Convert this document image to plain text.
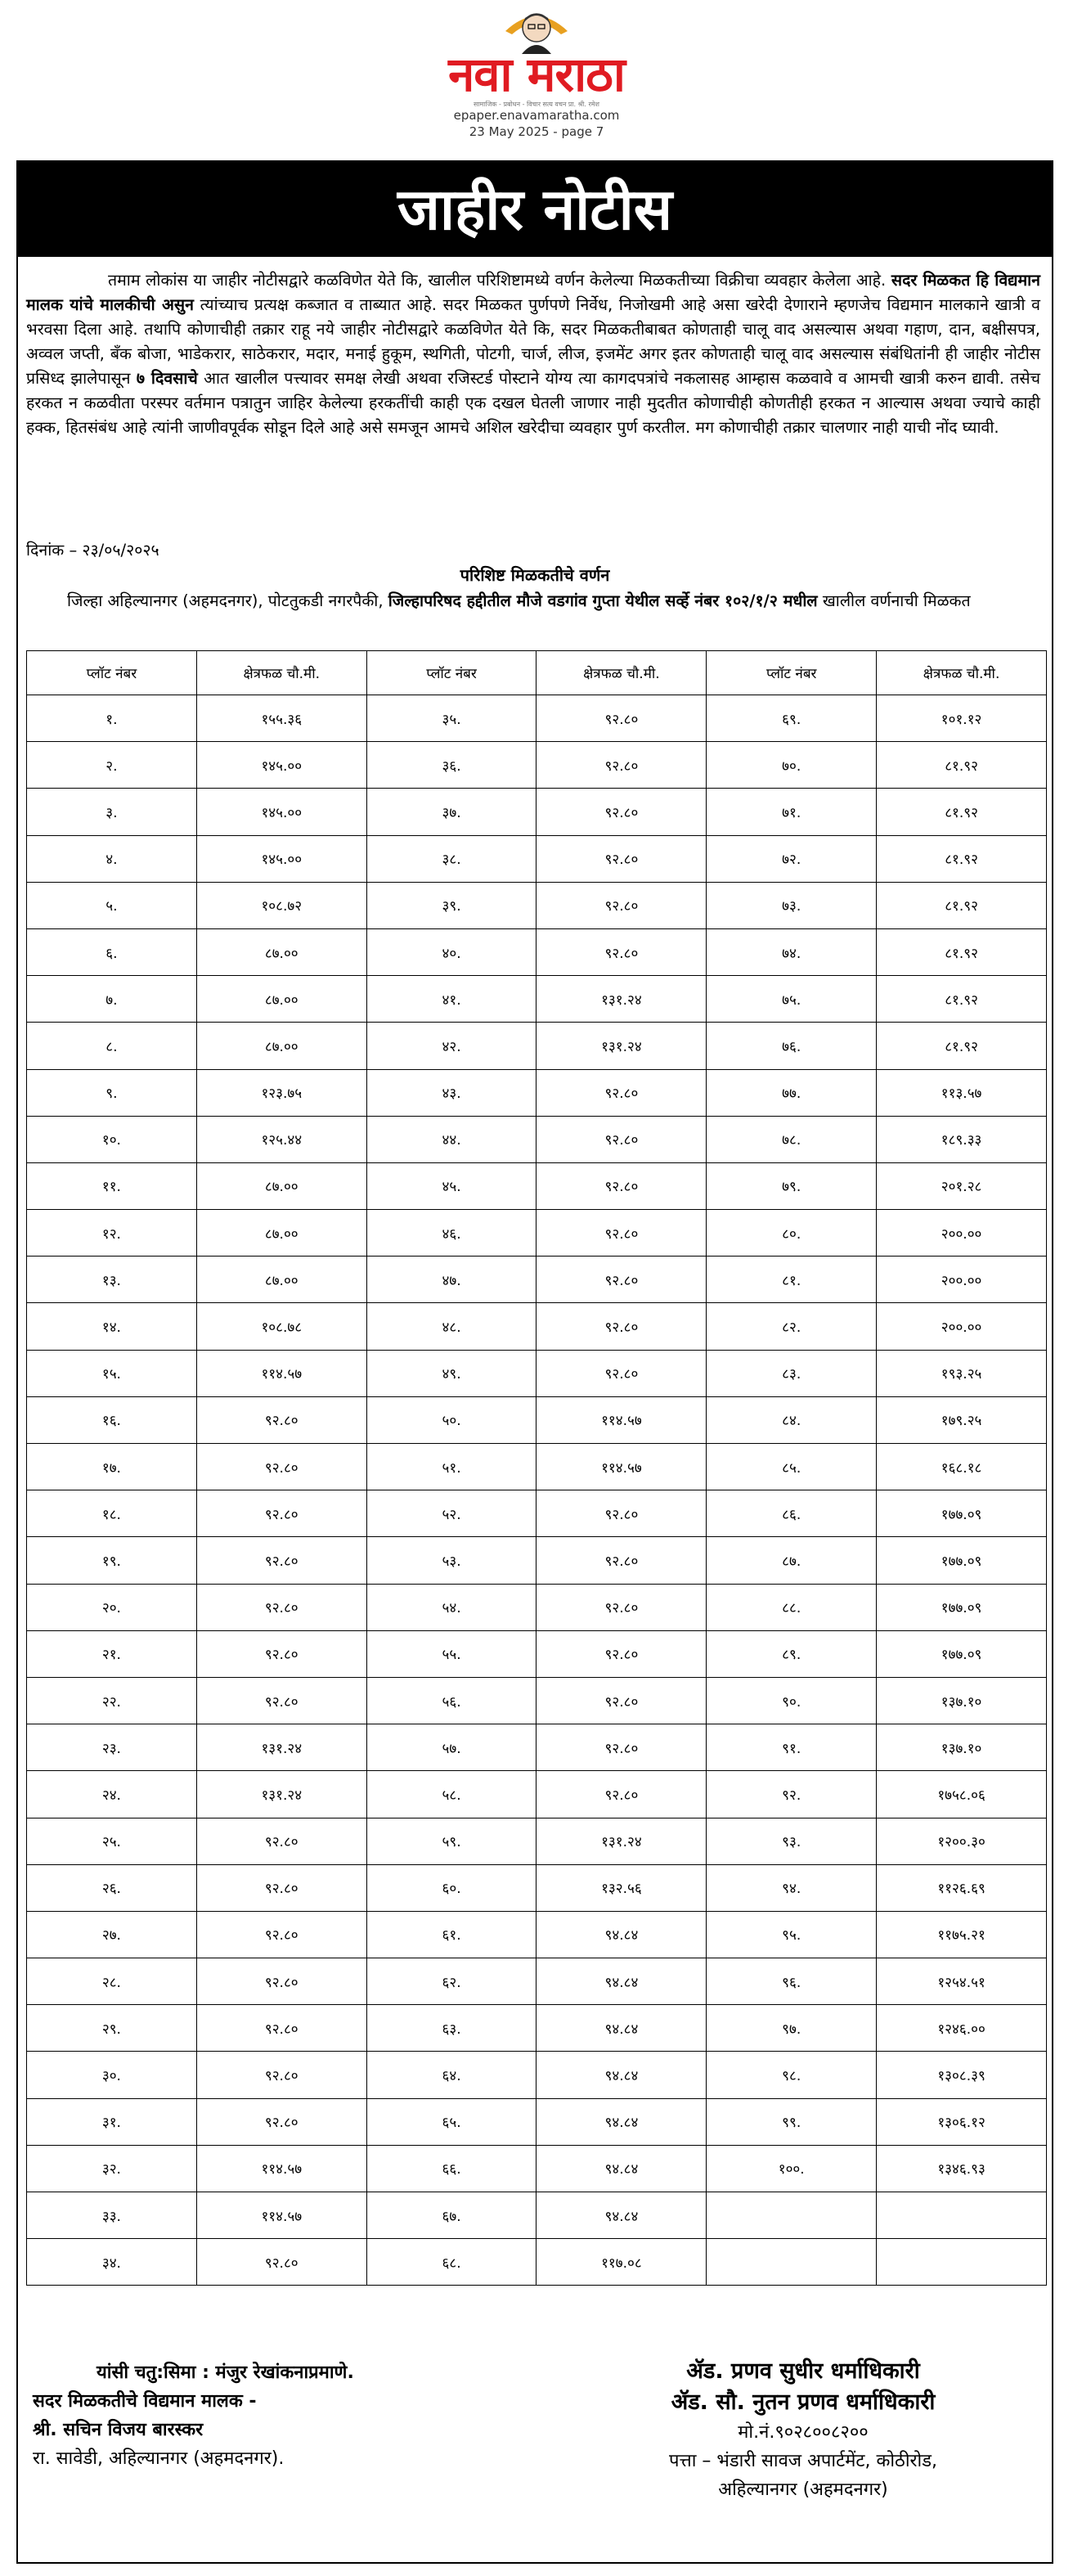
नवा मराठा
सामाजिक - प्रबोधन - विचार सत्य वचन प्रा. श्री. रमेश
epaper.enavamaratha.com
23 May 2025 - page 7
जाहीर नोटीस

तमाम लोकांस या जाहीर नोटीसद्वारे कळविणेत येते कि, खालील परिशिष्टामध्ये वर्णन केलेल्या मिळकतीच्या विक्रीचा व्यवहार केलेला आहे. सदर मिळकत हि विद्यमान मालक यांचे मालकीची असुन त्यांच्याच प्रत्यक्ष कब्जात व ताब्यात आहे. सदर मिळकत पुर्णपणे निर्वेध, निजोखमी आहे असा खरेदी देणाराने म्हणजेच विद्यमान मालकाने खात्री व भरवसा दिला आहे. तथापि कोणाचीही तक्रार राहू नये जाहीर नोटीसद्वारे कळविणेत येते कि, सदर मिळकतीबाबत कोणताही चालू वाद असल्यास अथवा गहाण, दान, बक्षीसपत्र, अव्वल जप्ती, बँक बोजा, भाडेकरार, साठेकरार, मदार, मनाई हुकूम, स्थगिती, पोटगी, चार्ज, लीज, इजमेंट अगर इतर कोणताही चालू वाद असल्यास संबंधितांनी ही जाहीर नोटीस प्रसिध्द झालेपासून ७ दिवसाचे आत खालील पत्त्यावर समक्ष लेखी अथवा रजिस्टर्ड पोस्टाने योग्य त्या कागदपत्रांचे नकलासह आम्हास कळवावे व आमची खात्री करुन द्यावी. तसेच हरकत न कळवीता परस्पर वर्तमान पत्रातुन जाहिर केलेल्या हरकतींची काही एक दखल घेतली जाणार नाही मुदतीत कोणाचीही कोणतीही हरकत न आल्यास अथवा ज्याचे काही हक्क, हितसंबंध आहे त्यांनी जाणीवपूर्वक सोडून दिले आहे असे समजून आमचे अशिल खरेदीचा व्यवहार पुर्ण करतील. मग कोणाचीही तक्रार चालणार नाही याची नोंद घ्यावी.

दिनांक – २३/०५/२०२५
परिशिष्ट मिळकतीचे वर्णन

जिल्हा अहिल्यानगर (अहमदनगर), पोटतुकडी नगरपैकी, जिल्हापरिषद हद्दीतील मौजे वडगांव गुप्ता येथील सर्व्हे नंबर १०२/१/२ मधील खालील वर्णनाची मिळकत

प्लॉट नंबर	क्षेत्रफळ चौ.मी.	प्लॉट नंबर	क्षेत्रफळ चौ.मी.	प्लॉट नंबर	क्षेत्रफळ चौ.मी.
१.	१५५.३६	३५.	९२.८०	६९.	१०१.१२
२.	१४५.००	३६.	९२.८०	७०.	८१.९२
३.	१४५.००	३७.	९२.८०	७१.	८१.९२
४.	१४५.००	३८.	९२.८०	७२.	८१.९२
५.	१०८.७२	३९.	९२.८०	७३.	८१.९२
६.	८७.००	४०.	९२.८०	७४.	८१.९२
७.	८७.००	४१.	१३१.२४	७५.	८१.९२
८.	८७.००	४२.	१३१.२४	७६.	८१.९२
९.	१२३.७५	४३.	९२.८०	७७.	११३.५७
१०.	१२५.४४	४४.	९२.८०	७८.	१८९.३३
११.	८७.००	४५.	९२.८०	७९.	२०१.२८
१२.	८७.००	४६.	९२.८०	८०.	२००.००
१३.	८७.००	४७.	९२.८०	८१.	२००.००
१४.	१०८.७८	४८.	९२.८०	८२.	२००.००
१५.	११४.५७	४९.	९२.८०	८३.	१९३.२५
१६.	९२.८०	५०.	११४.५७	८४.	१७९.२५
१७.	९२.८०	५१.	११४.५७	८५.	१६८.१८
१८.	९२.८०	५२.	९२.८०	८६.	१७७.०९
१९.	९२.८०	५३.	९२.८०	८७.	१७७.०९
२०.	९२.८०	५४.	९२.८०	८८.	१७७.०९
२१.	९२.८०	५५.	९२.८०	८९.	१७७.०९
२२.	९२.८०	५६.	९२.८०	९०.	१३७.१०
२३.	१३१.२४	५७.	९२.८०	९१.	१३७.१०
२४.	१३१.२४	५८.	९२.८०	९२.	१७५८.०६
२५.	९२.८०	५९.	१३१.२४	९३.	१२००.३०
२६.	९२.८०	६०.	१३२.५६	९४.	११२६.६९
२७.	९२.८०	६१.	९४.८४	९५.	११७५.२१
२८.	९२.८०	६२.	९४.८४	९६.	१२५४.५१
२९.	९२.८०	६३.	९४.८४	९७.	१२४६.००
३०.	९२.८०	६४.	९४.८४	९८.	१३०८.३९
३१.	९२.८०	६५.	९४.८४	९९.	१३०६.१२
३२.	११४.५७	६६.	९४.८४	१००.	१३४६.९३
३३.	११४.५७	६७.	९४.८४		
३४.	९२.८०	६८.	११७.०८		
यांसी चतु:सिमा : मंजुर रेखांकनाप्रमाणे.
सदर मिळकतीचे विद्यमान मालक -
श्री. सचिन विजय बारस्कर
रा. सावेडी, अहिल्यानगर (अहमदनगर).
ॲड. प्रणव सुधीर धर्माधिकारी
ॲड. सौ. नुतन प्रणव धर्माधिकारी
मो.नं.९०२८००८२००
पत्ता – भंडारी सावज अपार्टमेंट, कोठीरोड,
अहिल्यानगर (अहमदनगर)
